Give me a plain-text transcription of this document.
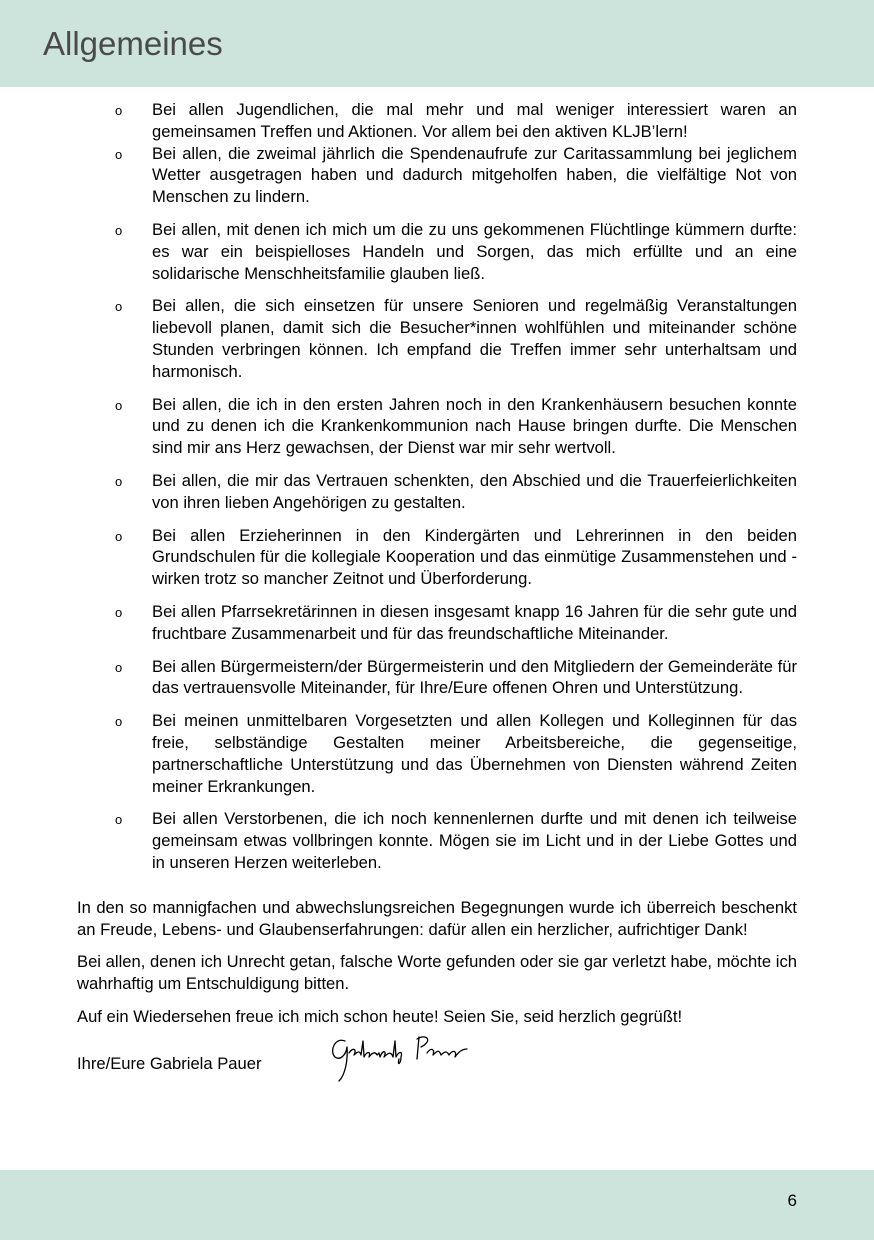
Allgemeines
o Bei allen Jugendlichen, die mal mehr und mal weniger interessiert waren an gemeinsamen Treffen und Aktionen. Vor allem bei den aktiven KLJB’lern!
o Bei allen, die zweimal jährlich die Spendenaufrufe zur Caritassammlung bei jeglichem Wetter ausgetragen haben und dadurch mitgeholfen haben, die vielfältige Not von Menschen zu lindern.
o Bei allen, mit denen ich mich um die zu uns gekommenen Flüchtlinge kümmern durfte: es war ein beispielloses Handeln und Sorgen, das mich erfüllte und an eine solidarische Menschheitsfamilie glauben ließ.
o Bei allen, die sich einsetzen für unsere Senioren und regelmäßig Veranstaltungen liebevoll planen, damit sich die Besucher*innen wohlfühlen und miteinander schöne Stunden verbringen können. Ich empfand die Treffen immer sehr unterhaltsam und harmonisch.
o Bei allen, die ich in den ersten Jahren noch in den Krankenhäusern besuchen konnte und zu denen ich die Krankenkommunion nach Hause bringen durfte. Die Menschen sind mir ans Herz gewachsen, der Dienst war mir sehr wertvoll.
o Bei allen, die mir das Vertrauen schenkten, den Abschied und die Trauerfeierlichkeiten von ihren lieben Angehörigen zu gestalten.
o Bei allen Erzieherinnen in den Kindergärten und Lehrerinnen in den beiden Grundschulen für die kollegiale Kooperation und das einmütige Zusammenstehen und -wirken trotz so mancher Zeitnot und Überforderung.
o Bei allen Pfarrsekretärinnen in diesen insgesamt knapp 16 Jahren für die sehr gute und fruchtbare Zusammenarbeit und für das freundschaftliche Miteinander.
o Bei allen Bürgermeistern/der Bürgermeisterin und den Mitgliedern der Gemeinderäte für das vertrauensvolle Miteinander, für Ihre/Eure offenen Ohren und Unterstützung.
o Bei meinen unmittelbaren Vorgesetzten und allen Kollegen und Kolleginnen für das freie, selbständige Gestalten meiner Arbeitsbereiche, die gegenseitige, partnerschaftliche Unterstützung und das Übernehmen von Diensten während Zeiten meiner Erkrankungen.
o Bei allen Verstorbenen, die ich noch kennenlernen durfte und mit denen ich teilweise gemeinsam etwas vollbringen konnte. Mögen sie im Licht und in der Liebe Gottes und in unseren Herzen weiterleben.

In den so mannigfachen und abwechslungsreichen Begegnungen wurde ich überreich beschenkt an Freude, Lebens- und Glaubenserfahrungen: dafür allen ein herzlicher, aufrichtiger Dank!

Bei allen, denen ich Unrecht getan, falsche Worte gefunden oder sie gar verletzt habe, möchte ich wahrhaftig um Entschuldigung bitten.

Auf ein Wiedersehen freue ich mich schon heute! Seien Sie, seid herzlich gegrüßt!

Ihre/Eure Gabriela Pauer
6
